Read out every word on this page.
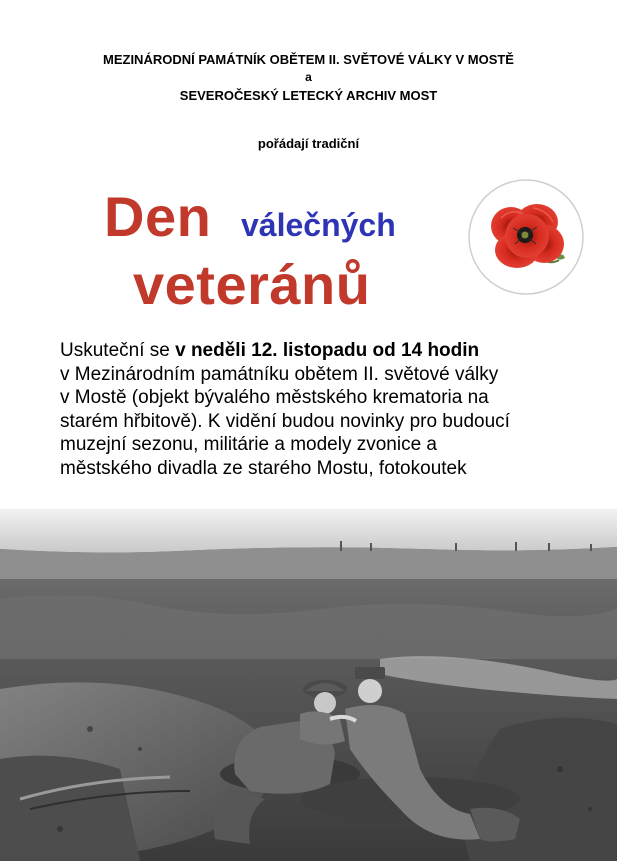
MEZINÁRODNÍ PAMÁTNÍK OBĚTEM II. SVĚTOVÉ VÁLKY V MOSTĚ
a
SEVEROČESKÝ LETECKÝ ARCHIV MOST
pořádají tradiční
Den válečných
veteránů
Uskuteční se v neděli 12. listopadu od 14 hodin
v Mezinárodním památníku obětem II. světové války
v Mostě (objekt bývalého městského krematoria na
starém hřbitově). K vidění budou novinky pro budoucí
muzejní sezonu, militárie a modely zvonice a
městského divadla ze starého Mostu, fotokoutek
